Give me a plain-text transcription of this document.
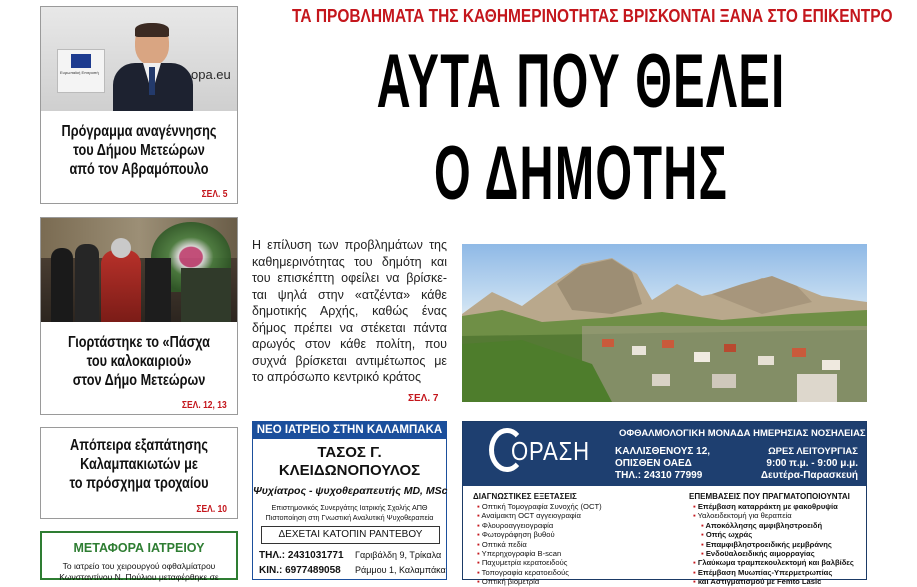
Ευρωπαϊκή Επιτροπή	opa.eu
Πρόγραμμα αναγέννησης
του Δήμου Μετεώρων
από τον Αβραμόπουλο
ΣΕΛ. 5
Γιορτάστηκε το «Πάσχα
του καλοκαιριού»
στον Δήμο Μετεώρων
ΣΕΛ. 12, 13
Απόπειρα εξαπάτησης
Καλαμπακιωτών με
το πρόσχημα τροχαίου
ΣΕΛ. 10
ΜΕΤΑΦΟΡΑ ΙΑΤΡΕΙΟΥ
Το ιατρείο του χειρουργού οφθαλμίατρου
Κωνσταντίνου Ν. Πούλιου μεταφέρθηκε σε
ΤΑ ΠΡΟΒΛΗΜΑΤΑ ΤΗΣ ΚΑΘΗΜΕΡΙΝΟΤΗΤΑΣ ΒΡΙΣΚΟΝΤΑΙ ΞΑΝΑ ΣΤΟ ΕΠΙΚΕΝΤΡΟ
ΑΥΤΑ ΠΟΥ ΘΕΛΕΙ
Ο ΔΗΜΟΤΗΣ
Η επίλυση των προβλημάτων της
καθημερινότητας του δημότη και
του επισκέπτη οφείλει να βρίσκε-
ται ψηλά στην «ατζέντα» κάθε
δημοτικής Αρχής, καθώς ένας
δήμος πρέπει να στέκεται πάντα
αρωγός στον κάθε πολίτη, που
συχνά βρίσκεται αντιμέτωπος με
το απρόσωπο κεντρικό κράτος
ΣΕΛ. 7
ΝΕΟ ΙΑΤΡΕΙΟ ΣΤΗΝ ΚΑΛΑΜΠΑΚΑ
ΤΑΣΟΣ Γ.
ΚΛΕΙΔΩΝΟΠΟΥΛΟΣ
Ψυχίατρος - ψυχοθεραπευτής MD, MSc
Επιστημονικός Συνεργάτης Ιατρικής Σχολής ΑΠΘ
Πιστοποίηση στη Γνωστική Αναλυτική Ψυχοθεραπεία
ΔΕΧΕΤΑΙ ΚΑΤΟΠΙΝ ΡΑΝΤΕΒΟΥ
ΤΗΛ.: 2431031771
ΚΙΝ.: 6977489058
Γαριβάλδη 9, Τρίκαλα
Ράμμου 1, Καλαμπάκα
ΟΡΑΣΗ
ΟΦΘΑΛΜΟΛΟΓΙΚΗ ΜΟΝΑΔΑ ΗΜΕΡΗΣΙΑΣ ΝΟΣΗΛΕΙΑΣ
ΚΑΛΛΙΣΘΕΝΟΥΣ 12,
ΟΠΙΣΘΕΝ ΟΑΕΔ
ΤΗΛ.: 24310 77999
ΩΡΕΣ ΛΕΙΤΟΥΡΓΙΑΣ
9:00 π.μ. - 9:00 μ.μ.
Δευτέρα-Παρασκευή
ΔΙΑΓΝΩΣΤΙΚΕΣ ΕΞΕΤΑΣΕΙΣ
▪ Οπτική Τομογραφία Συνοχής (OCT)
▪ Αναίμακτη OCT αγγειογραφία
▪ Φλουροαγγειογραφία
▪ Φωτογράφηση βυθού
▪ Οπτικά πεδία
▪ Υπερηχογραφία B-scan
▪ Παχυμετρία κερατοειδούς
▪ Τοπογραφία κερατοειδούς
▪ Οπτική βιομετρία
ΕΠΕΜΒΑΣΕΙΣ ΠΟΥ ΠΡΑΓΜΑΤΟΠΟΙΟΥΝΤΑΙ
▪ Επέμβαση καταρράκτη με φακοθρυψία
▪ Υαλοειδεκτομή για θεραπεία
▪ Αποκόλλησης αμφιβληστροειδή
▪ Οπής ωχράς
▪ Επαμφιβληστροειδικής μεμβράνης
▪ Ενδοϋαλοειδικής αιμορραγίας
▪ Γλαύκωμα τραμπεκουλεκτομή και βαλβίδες
▪ Επέμβαση Μυωπίας-Υπερμετρωπίας
▪ και Αστιγματισμού με Femto Lasic
